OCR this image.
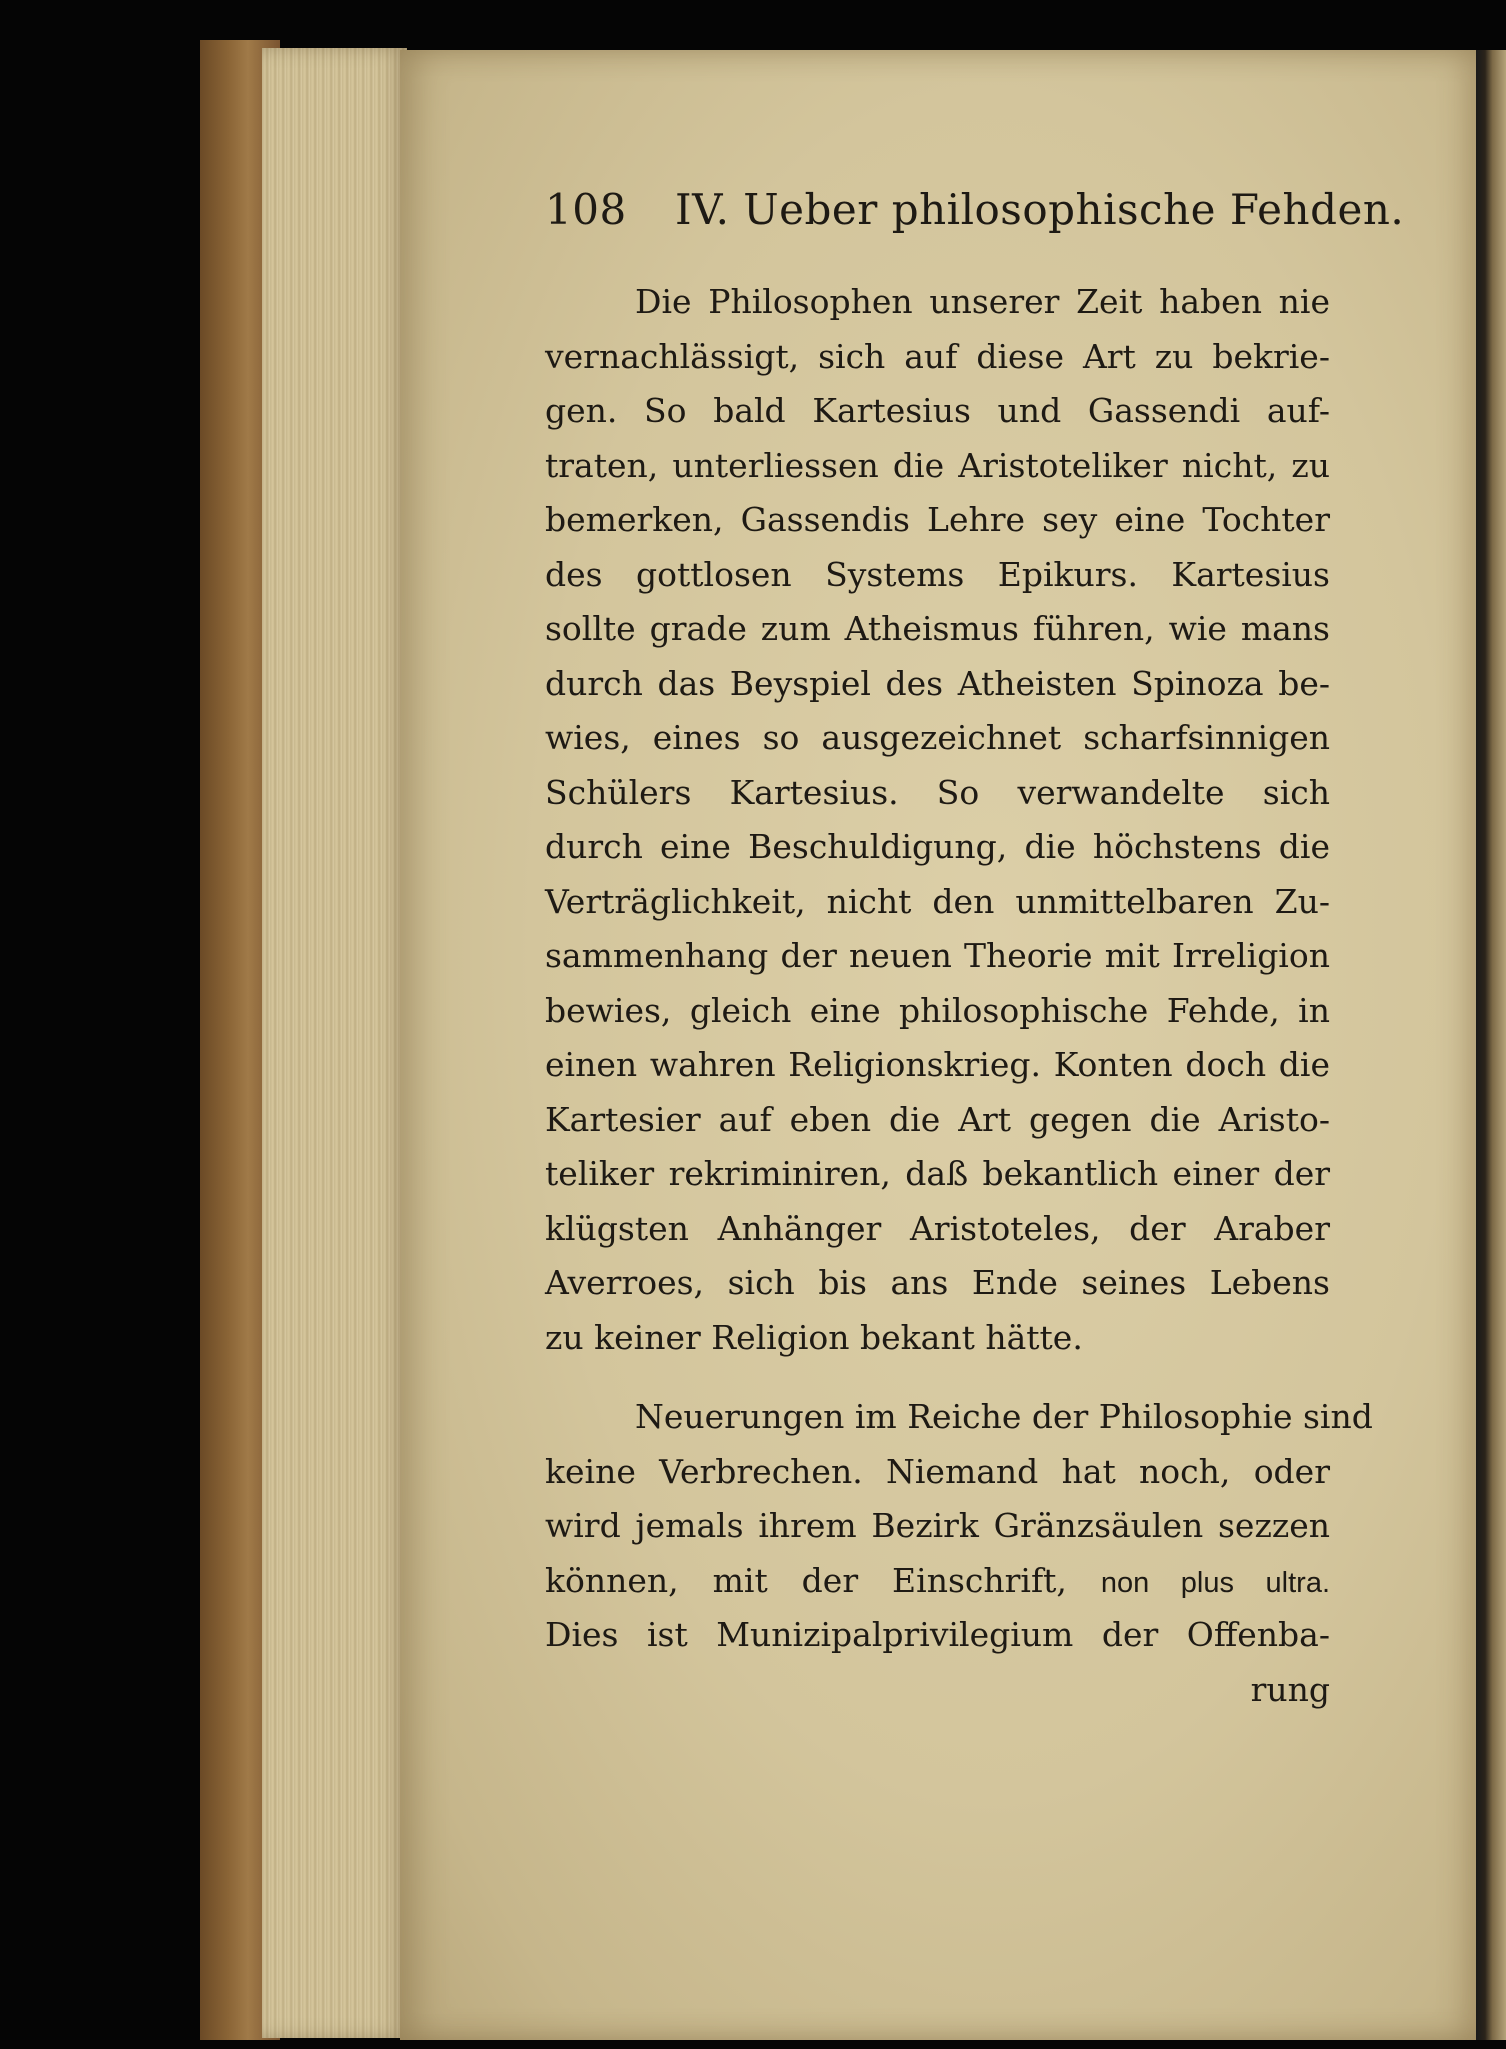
108 IV. Ueber philosophische Fehden.
Die Philosophen unserer Zeit haben nie
vernachlässigt, sich auf diese Art zu bekrie-
gen. So bald Kartesius und Gassendi auf-
traten, unterliessen die Aristoteliker nicht, zu
bemerken, Gassendis Lehre sey eine Tochter
des gottlosen Systems Epikurs. Kartesius
sollte grade zum Atheismus führen, wie mans
durch das Beyspiel des Atheisten Spinoza be-
wies, eines so ausgezeichnet scharfsinnigen
Schülers Kartesius. So verwandelte sich
durch eine Beschuldigung, die höchstens die
Verträglichkeit, nicht den unmittelbaren Zu-
sammenhang der neuen Theorie mit Irreligion
bewies, gleich eine philosophische Fehde, in
einen wahren Religionskrieg. Konten doch die
Kartesier auf eben die Art gegen die Aristo-
teliker rekriminiren, daß bekantlich einer der
klügsten Anhänger Aristoteles, der Araber
Averroes, sich bis ans Ende seines Lebens
zu keiner Religion bekant hätte.
Neuerungen im Reiche der Philosophie sind
keine Verbrechen. Niemand hat noch, oder
wird jemals ihrem Bezirk Gränzsäulen sezzen
können, mit der Einschrift, non plus ultra.
Dies ist Munizipalprivilegium der Offenba-
rung
